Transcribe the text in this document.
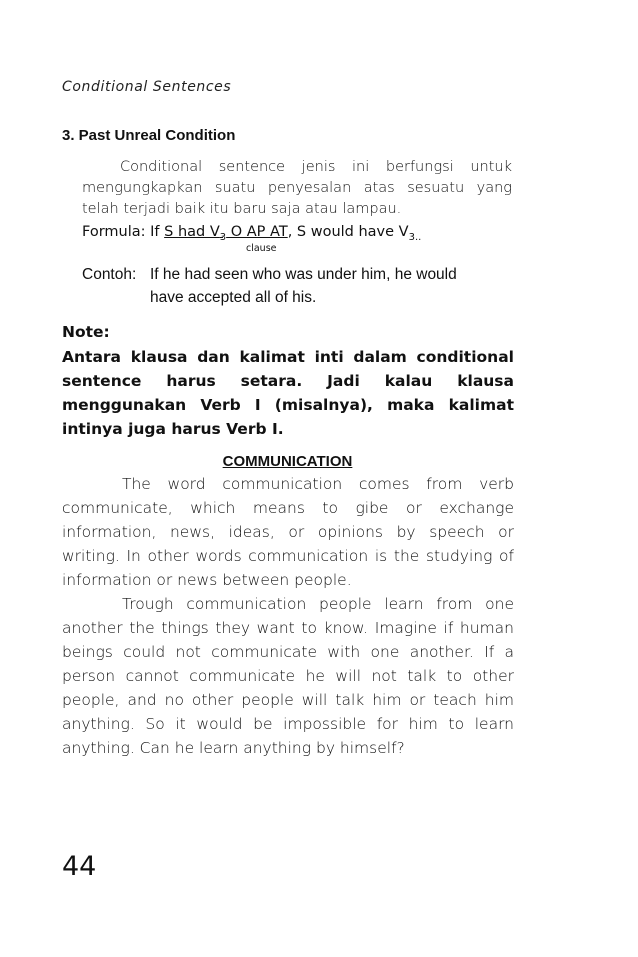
Conditional Sentences
3. Past Unreal Condition
Conditional sentence jenis ini berfungsi untuk mengungkapkan suatu penyesalan atas sesuatu yang telah terjadi baik itu baru saja atau lampau.
Formula: If S had $V_3$ O AP AT, S would have $V_{3..}$
clause
Contoh: If he had seen who was under him, he would
have accepted all of his.
Note:
Antara klausa dan kalimat inti dalam conditional sentence harus setara. Jadi kalau klausa menggunakan Verb I (misalnya), maka kalimat intinya juga harus Verb I.
COMMUNICATION

The word communication comes from verb communicate, which means to gibe or exchange information, news, ideas, or opinions by speech or writing. In other words communication is the studying of information or news between people.

Trough communication people learn from one another the things they want to know. Imagine if human beings could not communicate with one another. If a person cannot communicate he will not talk to other people, and no other people will talk him or teach him anything. So it would be impossible for him to learn anything. Can he learn anything by himself?

44
